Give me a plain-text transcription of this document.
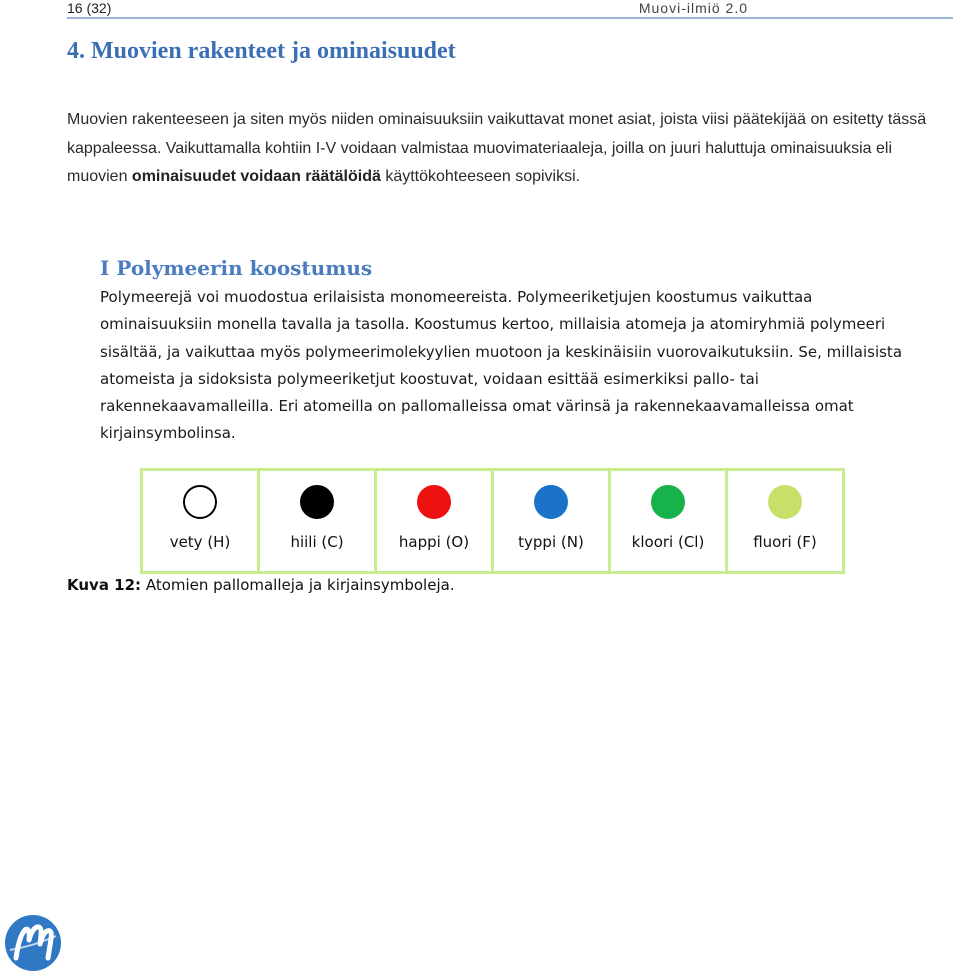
16 (32)	Muovi-ilmiö 2.0
4. Muovien rakenteet ja ominaisuudet

Muovien rakenteeseen ja siten myös niiden ominaisuuksiin vaikuttavat monet asiat, joista viisi päätekijää on esitetty tässä kappaleessa. Vaikuttamalla kohtiin I-V voidaan valmistaa muovimateriaaleja, joilla on juuri haluttuja ominaisuuksia eli muovien ominaisuudet voidaan räätälöidä käyttökohteeseen sopiviksi.

I Polymeerin koostumus

Polymeerejä voi muodostua erilaisista monomeereista. Polymeeriketjujen koostumus vaikuttaa ominaisuuksiin monella tavalla ja tasolla. Koostumus kertoo, millaisia atomeja ja atomiryhmiä polymeeri sisältää, ja vaikuttaa myös polymeerimolekyylien muotoon ja keskinäisiin vuorovaikutuksiin. Se, millaisista atomeista ja sidoksista polymeeriketjut koostuvat, voidaan esittää esimerkiksi pallo- tai rakennekaavamalleilla. Eri atomeilla on pallomalleissa omat värinsä ja rakennekaavamalleissa omat kirjainsymbolinsa.

vety (H)	hiili (C)	happi (O)	typpi (N)	kloori (Cl)	fluori (F)

Kuva 12: Atomien pallomalleja ja kirjainsymboleja.
